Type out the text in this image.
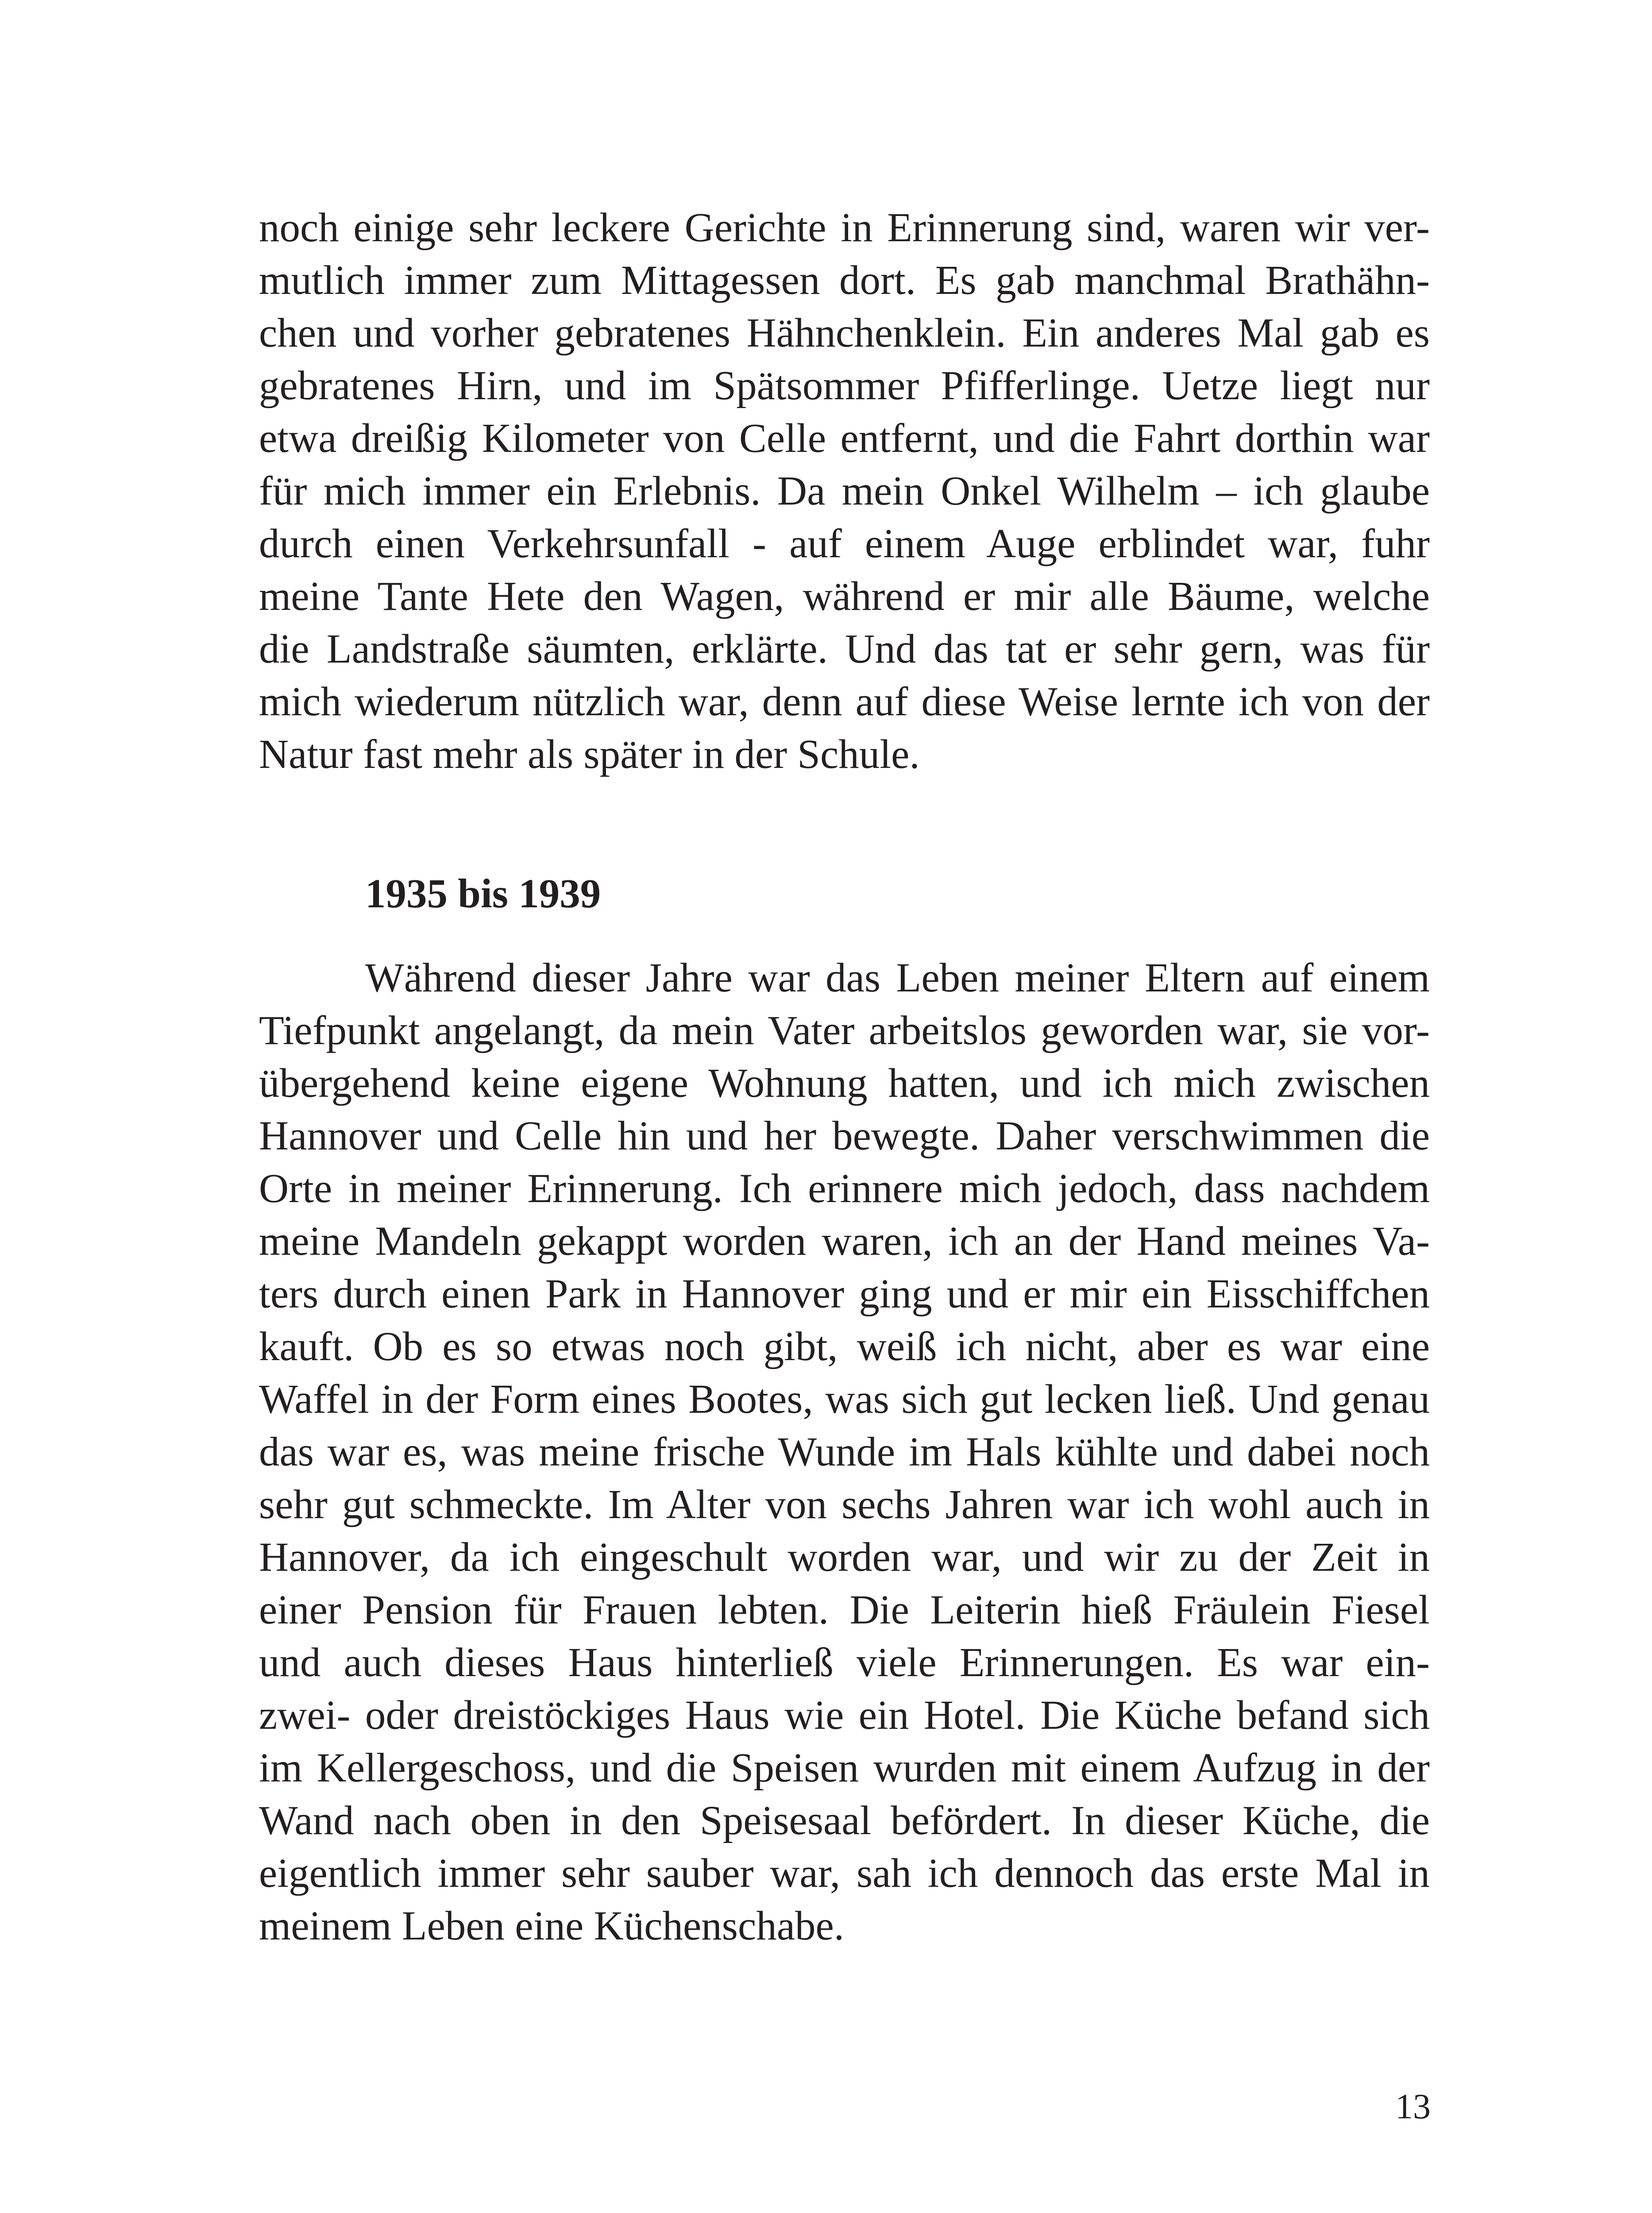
noch einige sehr leckere Gerichte in Erinnerung sind, waren wir ver-
mutlich immer zum Mittagessen dort. Es gab manchmal Brathähn-
chen und vorher gebratenes Hähnchenklein. Ein anderes Mal gab es
gebratenes Hirn, und im Spätsommer Pfifferlinge. Uetze liegt nur
etwa dreißig Kilometer von Celle entfernt, und die Fahrt dorthin war
für mich immer ein Erlebnis. Da mein Onkel Wilhelm – ich glaube
durch einen Verkehrsunfall - auf einem Auge erblindet war, fuhr
meine Tante Hete den Wagen, während er mir alle Bäume, welche
die Landstraße säumten, erklärte. Und das tat er sehr gern, was für
mich wiederum nützlich war, denn auf diese Weise lernte ich von der
Natur fast mehr als später in der Schule.
1935 bis 1939
Während dieser Jahre war das Leben meiner Eltern auf einem
Tiefpunkt angelangt, da mein Vater arbeitslos geworden war, sie vor-
übergehend keine eigene Wohnung hatten, und ich mich zwischen
Hannover und Celle hin und her bewegte. Daher verschwimmen die
Orte in meiner Erinnerung. Ich erinnere mich jedoch, dass nachdem
meine Mandeln gekappt worden waren, ich an der Hand meines Va-
ters durch einen Park in Hannover ging und er mir ein Eisschiffchen
kauft. Ob es so etwas noch gibt, weiß ich nicht, aber es war eine
Waffel in der Form eines Bootes, was sich gut lecken ließ. Und genau
das war es, was meine frische Wunde im Hals kühlte und dabei noch
sehr gut schmeckte. Im Alter von sechs Jahren war ich wohl auch in
Hannover, da ich eingeschult worden war, und wir zu der Zeit in
einer Pension für Frauen lebten. Die Leiterin hieß Fräulein Fiesel
und auch dieses Haus hinterließ viele Erinnerungen. Es war ein-
zwei- oder dreistöckiges Haus wie ein Hotel. Die Küche befand sich
im Kellergeschoss, und die Speisen wurden mit einem Aufzug in der
Wand nach oben in den Speisesaal befördert. In dieser Küche, die
eigentlich immer sehr sauber war, sah ich dennoch das erste Mal in
meinem Leben eine Küchenschabe.
13
